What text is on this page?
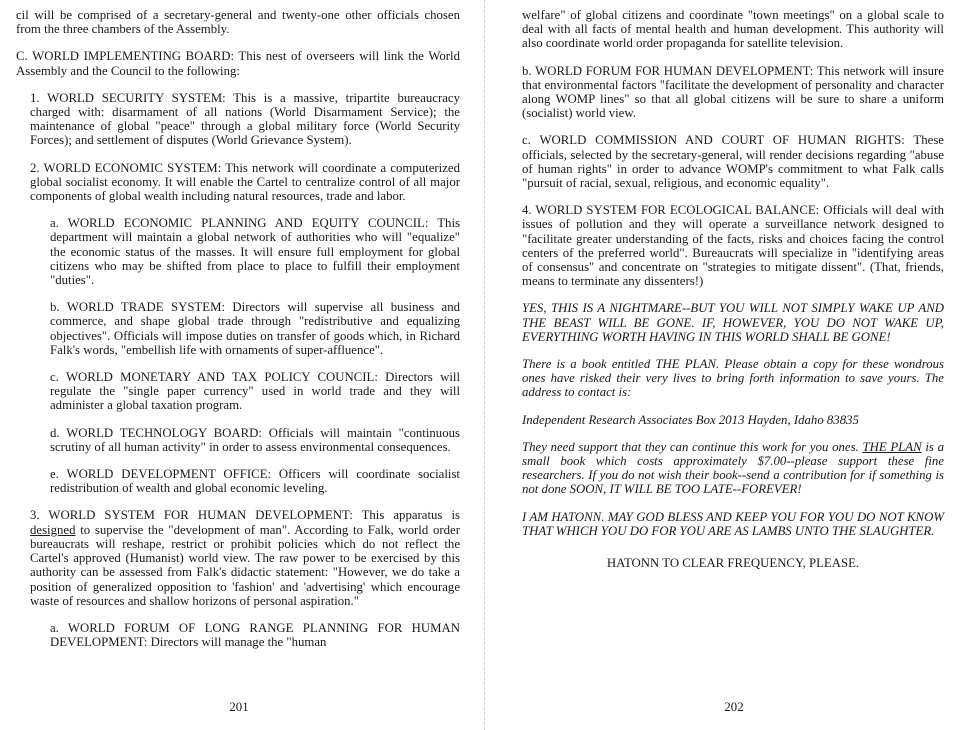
cil will be comprised of a secretary-general and twenty-one other officials chosen from the three chambers of the Assembly.

C. WORLD IMPLEMENTING BOARD: This nest of overseers will link the World Assembly and the Council to the following:

1. WORLD SECURITY SYSTEM: This is a massive, tripartite bureaucracy charged with: disarmament of all nations (World Disarmament Service); the maintenance of global "peace" through a global military force (World Security Forces); and settlement of disputes (World Grievance System).

2. WORLD ECONOMIC SYSTEM: This network will coordinate a computerized global socialist economy. It will enable the Cartel to centralize control of all major components of global wealth including natural resources, trade and labor.

a. WORLD ECONOMIC PLANNING AND EQUITY COUNCIL: This department will maintain a global network of authorities who will "equalize" the economic status of the masses. It will ensure full employment for global citizens who may be shifted from place to place to fulfill their employment "duties".

b. WORLD TRADE SYSTEM: Directors will supervise all business and commerce, and shape global trade through "redistributive and equalizing objectives". Officials will impose duties on transfer of goods which, in Richard Falk's words, "embellish life with ornaments of super-affluence".

c. WORLD MONETARY AND TAX POLICY COUNCIL: Directors will regulate the "single paper currency" used in world trade and they will administer a global taxation program.

d. WORLD TECHNOLOGY BOARD: Officials will maintain "continuous scrutiny of all human activity" in order to assess environmental consequences.

e. WORLD DEVELOPMENT OFFICE: Officers will coordinate socialist redistribution of wealth and global economic leveling.

3. WORLD SYSTEM FOR HUMAN DEVELOPMENT: This apparatus is designed to supervise the "development of man". According to Falk, world order bureaucrats will reshape, restrict or prohibit policies which do not reflect the Cartel's approved (Humanist) world view. The raw power to be exercised by this authority can be assessed from Falk's didactic statement: "However, we do take a position of generalized opposition to 'fashion' and 'advertising' which encourage waste of resources and shallow horizons of personal aspiration."

a. WORLD FORUM OF LONG RANGE PLANNING FOR HUMAN DEVELOPMENT: Directors will manage the "human

201

welfare" of global citizens and coordinate "town meetings" on a global scale to deal with all facts of mental health and human development. This authority will also coordinate world order propaganda for satellite television.

b. WORLD FORUM FOR HUMAN DEVELOPMENT: This network will insure that environmental factors "facilitate the development of personality and character along WOMP lines" so that all global citizens will be sure to share a uniform (socialist) world view.

c. WORLD COMMISSION AND COURT OF HUMAN RIGHTS: These officials, selected by the secretary-general, will render decisions regarding "abuse of human rights" in order to advance WOMP's commitment to what Falk calls "pursuit of racial, sexual, religious, and economic equality".

4. WORLD SYSTEM FOR ECOLOGICAL BALANCE: Officials will deal with issues of pollution and they will operate a surveillance network designed to "facilitate greater understanding of the facts, risks and choices facing the control centers of the preferred world". Bureaucrats will specialize in "identifying areas of consensus" and concentrate on "strategies to mitigate dissent". (That, friends, means to terminate any dissenters!)

YES, THIS IS A NIGHTMARE--BUT YOU WILL NOT SIMPLY WAKE UP AND THE BEAST WILL BE GONE. IF, HOWEVER, YOU DO NOT WAKE UP, EVERYTHING WORTH HAVING IN THIS WORLD SHALL BE GONE!

There is a book entitled THE PLAN. Please obtain a copy for these wondrous ones have risked their very lives to bring forth information to save yours. The address to contact is:

Independent Research Associates Box 2013 Hayden, Idaho 83835

They need support that they can continue this work for you ones. THE PLAN is a small book which costs approximately $7.00--please support these fine researchers. If you do not wish their book--send a contribution for if something is not done SOON, IT WILL BE TOO LATE--FOREVER!

I AM HATONN. MAY GOD BLESS AND KEEP YOU FOR YOU DO NOT KNOW THAT WHICH YOU DO FOR YOU ARE AS LAMBS UNTO THE SLAUGHTER.

HATONN TO CLEAR FREQUENCY, PLEASE.

202
